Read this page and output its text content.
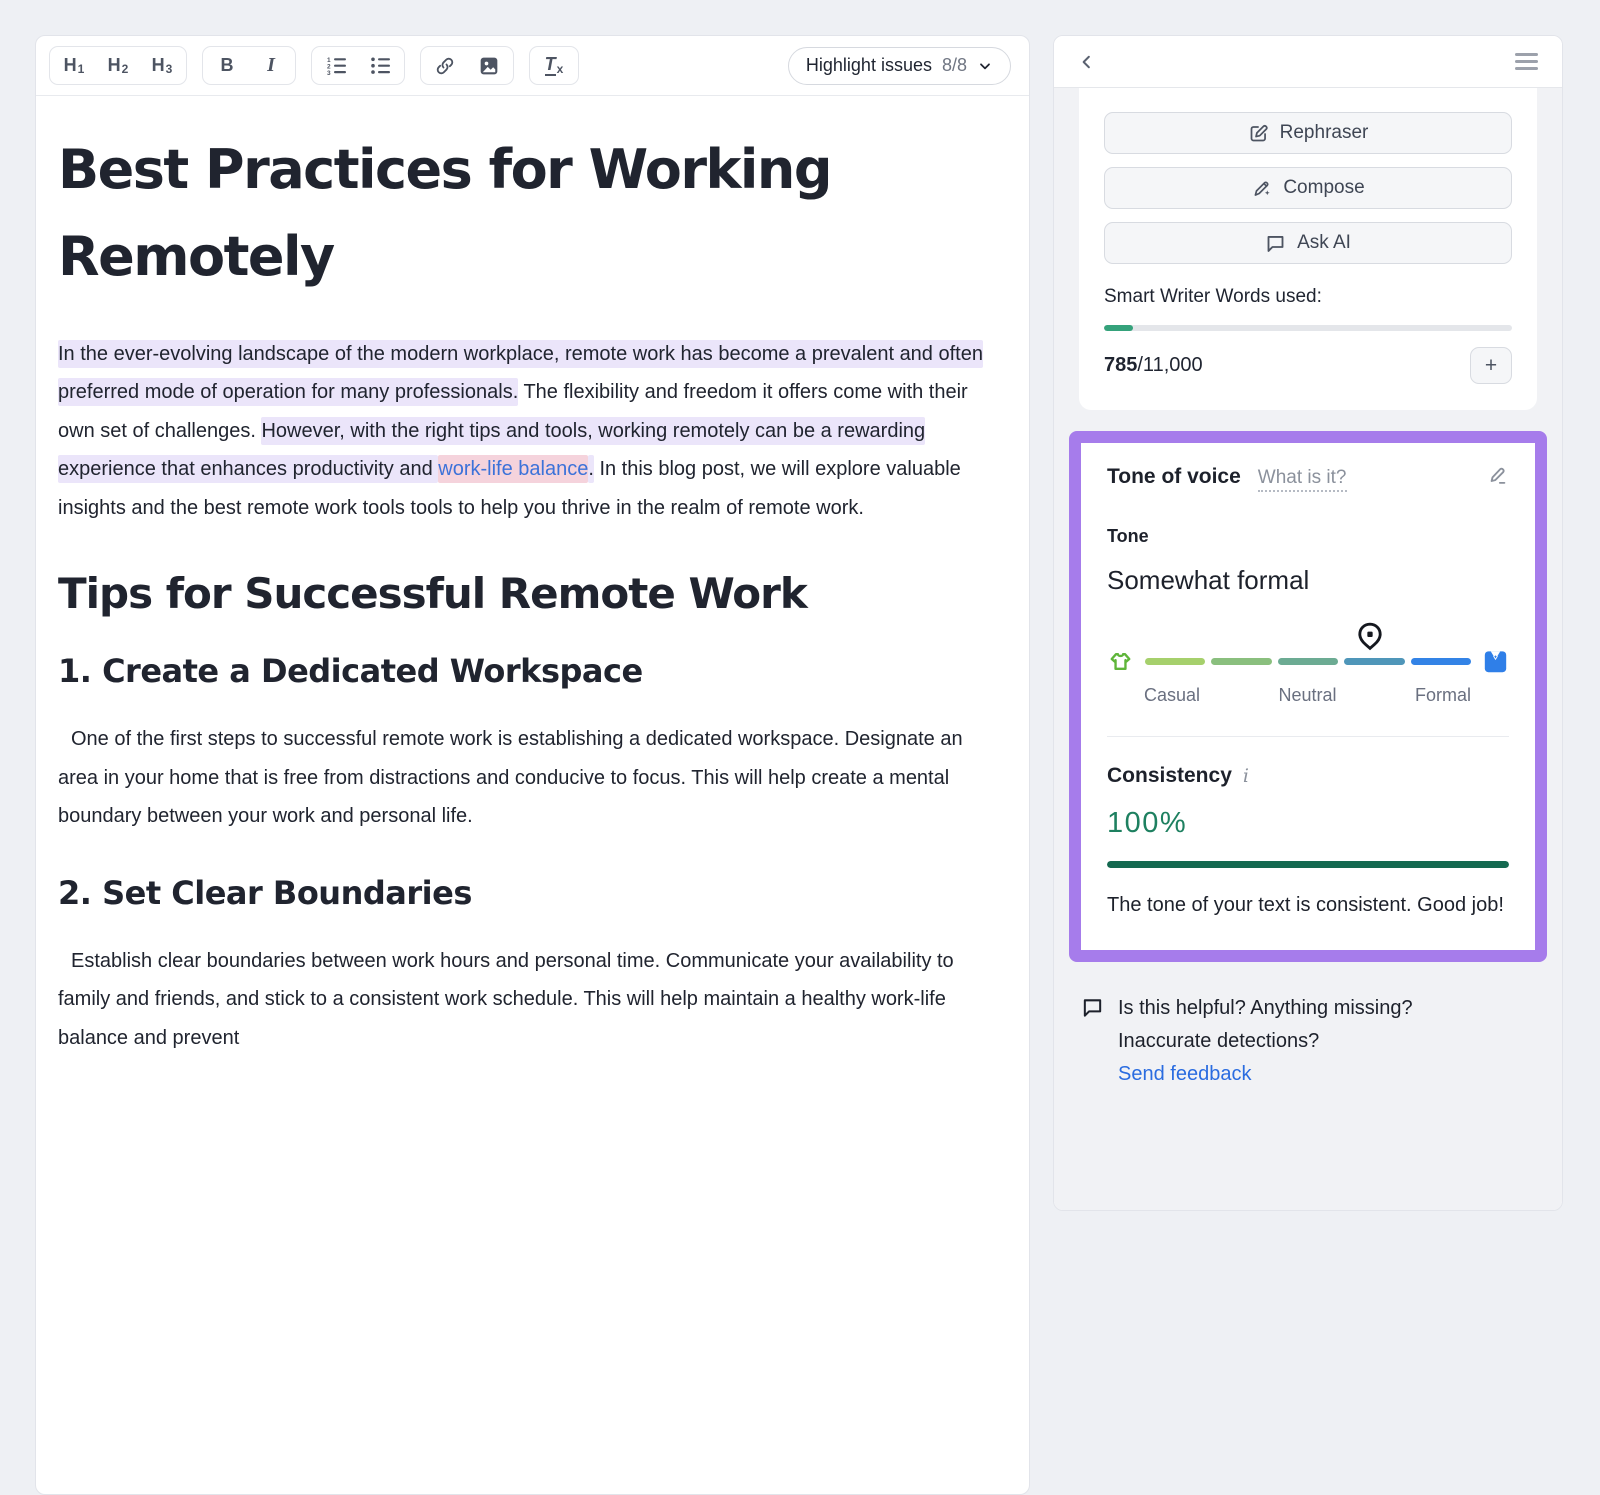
H 1 H 2 H 3	B	I	1
2
3	T x	Highlight issues 8/8
Best Practices for Working Remotely

In the ever-evolving landscape of the modern workplace, remote work has become a prevalent and often preferred mode of operation for many professionals. The flexibility and freedom it offers come with their own set of challenges. However, with the right tips and tools, working remotely can be a rewarding experience that enhances productivity and work-life balance. In this blog post, we will explore valuable insights and the best remote work tools tools to help you thrive in the realm of remote work.

Tips for Successful Remote Work
1. Create a Dedicated Workspace

One of the first steps to successful remote work is establishing a dedicated workspace. Designate an area in your home that is free from distractions and conducive to focus. This will help create a mental boundary between your work and personal life.

2. Set Clear Boundaries

Establish clear boundaries between work hours and personal time. Communicate your availability to family and friends, and stick to a consistent work schedule. This will help maintain a healthy work-life balance and prevent

Rephraser
Compose
Ask AI
Smart Writer Words used:
785/11,000	+
Tone of voice What is it?
Tone
Somewhat formal
Casual	Neutral	Formal
Consistency i
100%
The tone of your text is consistent. Good job!
Is this helpful? Anything missing?
Inaccurate detections?
Send feedback
